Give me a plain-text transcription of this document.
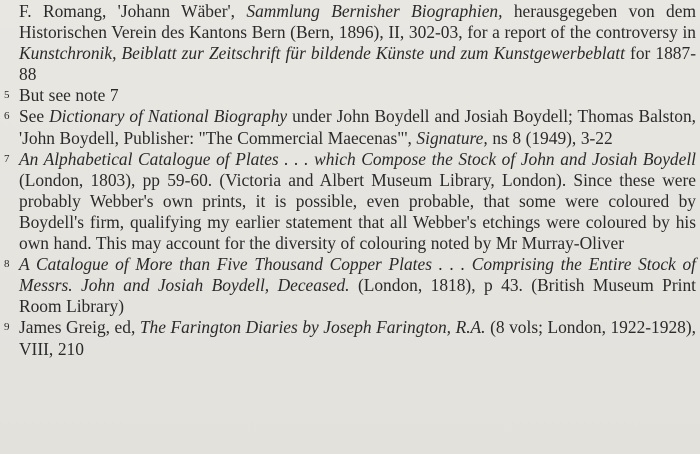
F. Romang, 'Johann Wäber', Sammlung Bernisher Biographien, herausgegeben von dem Historischen Verein des Kantons Bern (Bern, 1896), II, 302-03, for a report of the controversy in Kunstchronik, Beiblatt zur Zeitschrift für bildende Künste und zum Kunstgewerbeblatt for 1887-88

5 But see note 7

6 See Dictionary of National Biography under John Boydell and Josiah Boydell; Thomas Balston, 'John Boydell, Publisher: "The Commercial Maecenas"', Signature, ns 8 (1949), 3-22

7 An Alphabetical Catalogue of Plates . . . which Compose the Stock of John and Josiah Boydell (London, 1803), pp 59-60. (Victoria and Albert Museum Library, London). Since these were probably Webber's own prints, it is possible, even probable, that some were coloured by Boydell's firm, qualifying my earlier statement that all Webber's etchings were coloured by his own hand. This may account for the diversity of colouring noted by Mr Murray-Oliver

8 A Catalogue of More than Five Thousand Copper Plates . . . Comprising the Entire Stock of Messrs. John and Josiah Boydell, Deceased. (London, 1818), p 43. (British Museum Print Room Library)

9 James Greig, ed, The Farington Diaries by Joseph Farington, R.A. (8 vols; London, 1922-1928), VIII, 210
